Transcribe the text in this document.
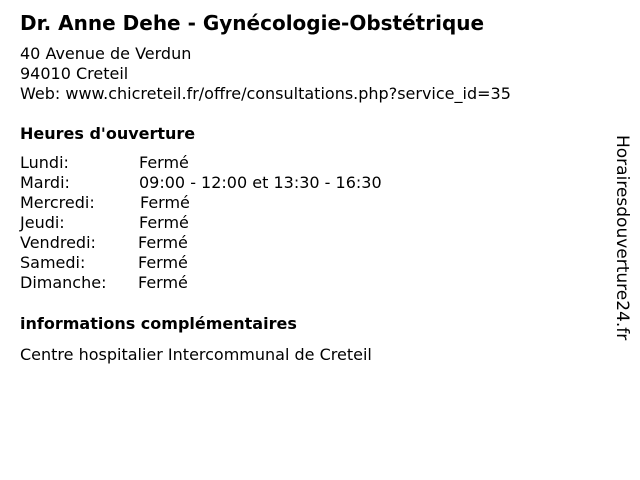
Dr. Anne Dehe - Gynécologie-Obstétrique
40 Avenue de Verdun
94010 Creteil
Web: www.chicreteil.fr/offre/consultations.php?service_id=35
Heures d'ouverture
Lundi:	Fermé
Mardi:	09:00 - 12:00 et 13:30 - 16:30
Mercredi:	Fermé
Jeudi:	Fermé
Vendredi:	Fermé
Samedi:	Fermé
Dimanche: Fermé
informations complémentaires
Centre hospitalier Intercommunal de Creteil
Horairesdouverture24.fr
